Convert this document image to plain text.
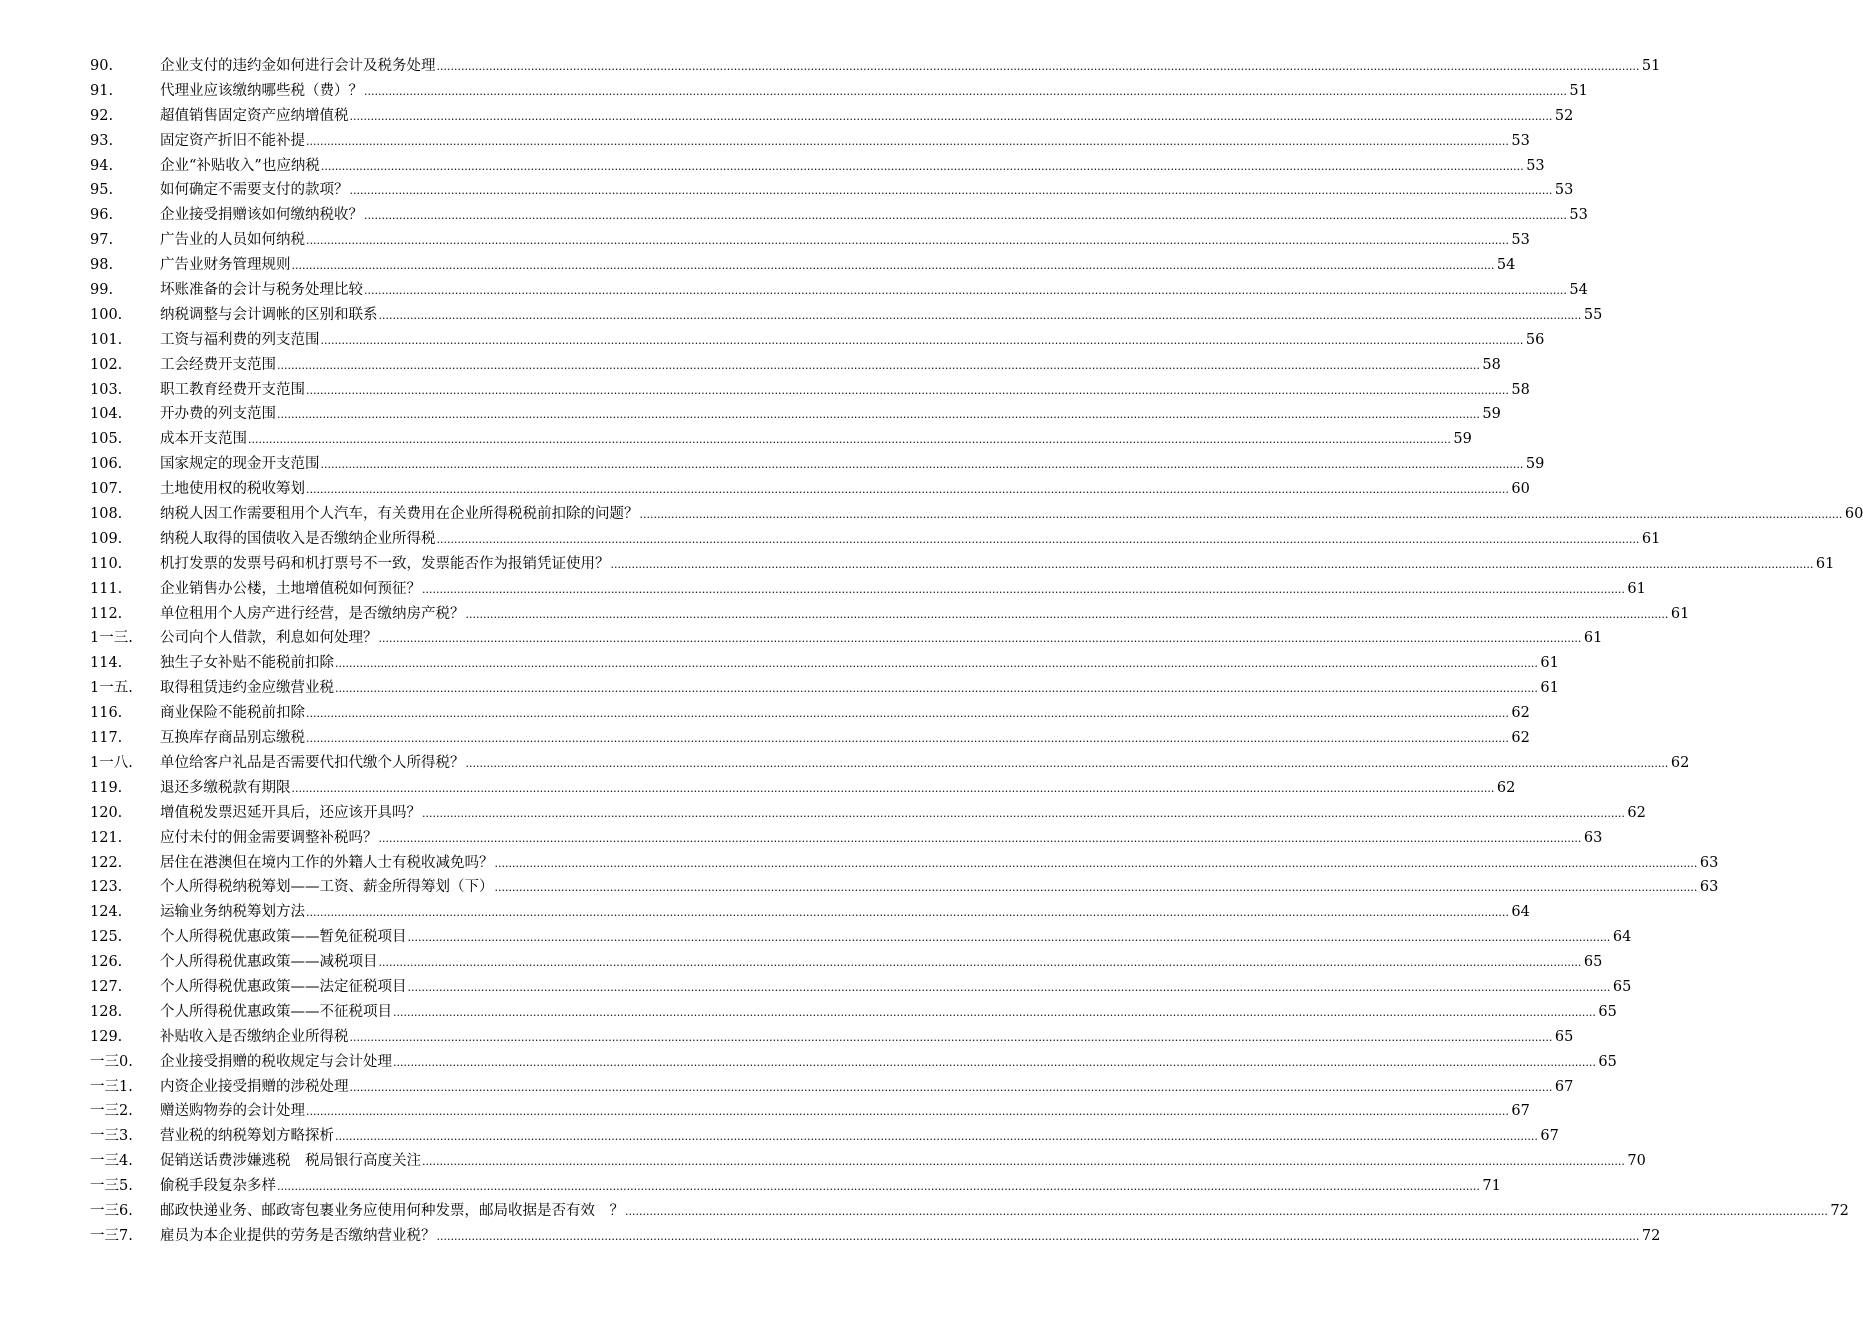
90.	企业支付的违约金如何进行会计及税务处理 .....	51
91.	代理业应该缴纳哪些税（费）？ .....	51
92.	超值销售固定资产应纳增值税 .....	52
93.	固定资产折旧不能补提 .....	53
94.	企业“补贴收入”也应纳税 .....	53
95.	如何确定不需要支付的款项？ .....	53
96.	企业接受捐赠该如何缴纳税收？ .....	53
97.	广告业的人员如何纳税 .....	53
98.	广告业财务管理规则 .....	54
99.	坏账准备的会计与税务处理比较 .....	54
100.	纳税调整与会计调帐的区别和联系 .....	55
101.	工资与福利费的列支范围 .....	56
102.	工会经费开支范围 .....	58
103.	职工教育经费开支范围 .....	58
104.	开办费的列支范围 .....	59
105.	成本开支范围 .....	59
106.	国家规定的现金开支范围 .....	59
107.	土地使用权的税收筹划 .....	60
108.	纳税人因工作需要租用个人汽车，有关费用在企业所得税税前扣除的问题？ .....	60
109.	纳税人取得的国债收入是否缴纳企业所得税 .....	61
110.	机打发票的发票号码和机打票号不一致，发票能否作为报销凭证使用？ .....	61
111.	企业销售办公楼，土地增值税如何预征？ .....	61
112.	单位租用个人房产进行经营，是否缴纳房产税？ .....	61
1一三.	公司向个人借款，利息如何处理？ .....	61
114.	独生子女补贴不能税前扣除 .....	61
1一五.	取得租赁违约金应缴营业税 .....	61
116.	商业保险不能税前扣除 .....	62
117.	互换库存商品别忘缴税 .....	62
1一八.	单位给客户礼品是否需要代扣代缴个人所得税？ .....	62
119.	退还多缴税款有期限 .....	62
120.	增值税发票迟延开具后，还应该开具吗？ .....	62
121.	应付未付的佣金需要调整补税吗？ .....	63
122.	居住在港澳但在境内工作的外籍人士有税收减免吗？ .....	63
123.	个人所得税纳税筹划——工资、薪金所得筹划（下） .....	63
124.	运输业务纳税筹划方法 .....	64
125.	个人所得税优惠政策——暂免征税项目 .....	64
126.	个人所得税优惠政策——减税项目 .....	65
127.	个人所得税优惠政策——法定征税项目 .....	65
128.	个人所得税优惠政策——不征税项目 .....	65
129.	补贴收入是否缴纳企业所得税 .....	65
一三0.	企业接受捐赠的税收规定与会计处理 .....	65
一三1.	内资企业接受捐赠的涉税处理 .....	67
一三2.	赠送购物券的会计处理 .....	67
一三3.	营业税的纳税筹划方略探析 .....	67
一三4.	促销送话费涉嫌逃税　税局银行高度关注 .....	70
一三5.	偷税手段复杂多样 .....	71
一三6.	邮政快递业务、邮政寄包裹业务应使用何种发票，邮局收据是否有效　？ .....	72
一三7.	雇员为本企业提供的劳务是否缴纳营业税？ .....	72
